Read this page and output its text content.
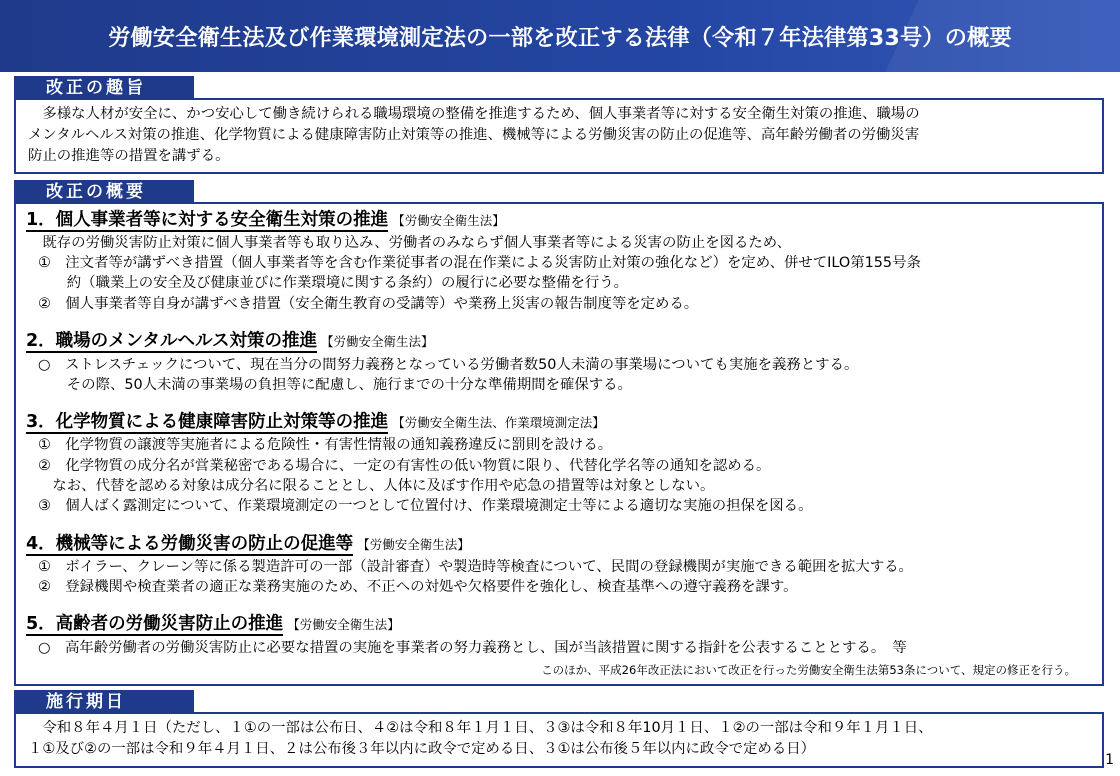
労働安全衛生法及び作業環境測定法の一部を改正する法律（令和７年法律第33号）の概要
改正の趣旨
　多様な人材が安全に、かつ安心して働き続けられる職場環境の整備を推進するため、個人事業者等に対する安全衛生対策の推進、職場の
メンタルヘルス対策の推進、化学物質による健康障害防止対策等の推進、機械等による労働災害の防止の促進等、高年齢労働者の労働災害
防止の推進等の措置を講ずる。
改正の概要
1．個人事業者等に対する安全衛生対策の推進 【労働安全衛生法】
　既存の労働災害防止対策に個人事業者等も取り込み、労働者のみならず個人事業者等による災害の防止を図るため、
①　注文者等が講ずべき措置（個人事業者等を含む作業従事者の混在作業による災害防止対策の強化など）を定め、併せてILO第155号条
　　約（職業上の安全及び健康並びに作業環境に関する条約）の履行に必要な整備を行う。
②　個人事業者等自身が講ずべき措置（安全衛生教育の受講等）や業務上災害の報告制度等を定める。
2．職場のメンタルヘルス対策の推進 【労働安全衛生法】
○　ストレスチェックについて、現在当分の間努力義務となっている労働者数50人未満の事業場についても実施を義務とする。
　　その際、50人未満の事業場の負担等に配慮し、施行までの十分な準備期間を確保する。
3．化学物質による健康障害防止対策等の推進 【労働安全衛生法、作業環境測定法】
①　化学物質の譲渡等実施者による危険性・有害性情報の通知義務違反に罰則を設ける。
②　化学物質の成分名が営業秘密である場合に、一定の有害性の低い物質に限り、代替化学名等の通知を認める。
　なお、代替を認める対象は成分名に限ることとし、人体に及ぼす作用や応急の措置等は対象としない。
③　個人ばく露測定について、作業環境測定の一つとして位置付け、作業環境測定士等による適切な実施の担保を図る。
4．機械等による労働災害の防止の促進等 【労働安全衛生法】
①　ボイラー、クレーン等に係る製造許可の一部（設計審査）や製造時等検査について、民間の登録機関が実施できる範囲を拡大する。
②　登録機関や検査業者の適正な業務実施のため、不正への対処や欠格要件を強化し、検査基準への遵守義務を課す。
5．高齢者の労働災害防止の推進 【労働安全衛生法】
○　高年齢労働者の労働災害防止に必要な措置の実施を事業者の努力義務とし、国が当該措置に関する指針を公表することとする。　等
このほか、平成26年改正法において改正を行った労働安全衛生法第53条について、規定の修正を行う。
施行期日
　令和８年４月１日（ただし、１①の一部は公布日、４②は令和８年１月１日、３③は令和８年10月１日、１②の一部は令和９年１月１日、
１①及び②の一部は令和９年４月１日、２は公布後３年以内に政令で定める日、３①は公布後５年以内に政令で定める日）
1
